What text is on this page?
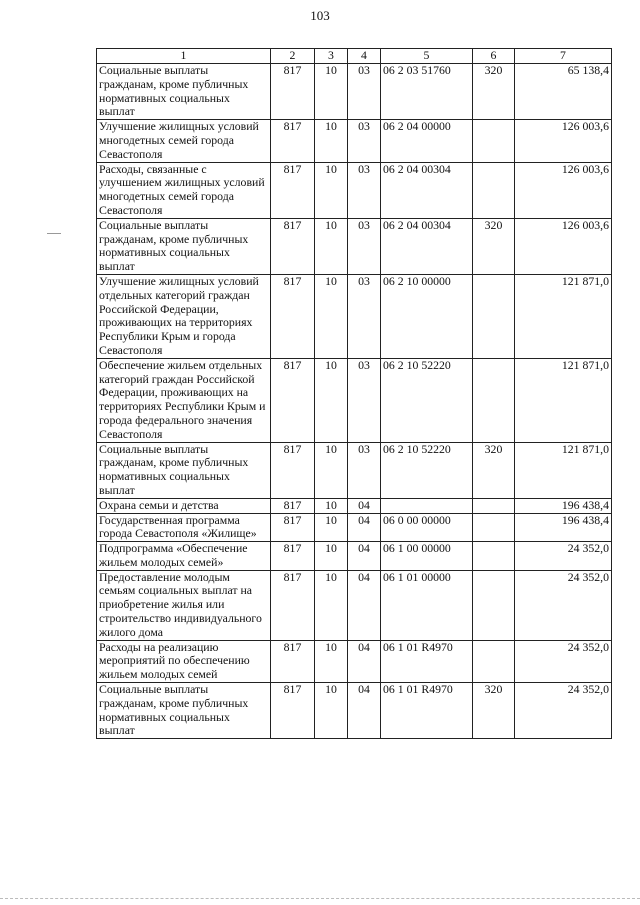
103
1	2	3	4	5	6	7
Социальные выплаты гражданам, кроме публичных нормативных социальных выплат	817	10	03	06 2 03 51760	320	65 138,4
Улучшение жилищных условий многодетных семей города Севастополя	817	10	03	06 2 04 00000		126 003,6
Расходы, связанные с улучшением жилищных условий многодетных семей города Севастополя	817	10	03	06 2 04 00304		126 003,6
Социальные выплаты гражданам, кроме публичных нормативных социальных выплат	817	10	03	06 2 04 00304	320	126 003,6
Улучшение жилищных условий отдельных категорий граждан Российской Федерации, проживающих на территориях Республики Крым и города Севастополя	817	10	03	06 2 10 00000		121 871,0
Обеспечение жильем отдельных категорий граждан Российской Федерации, проживающих на территориях Республики Крым и города федерального значения Севастополя	817	10	03	06 2 10 52220		121 871,0
Социальные выплаты гражданам, кроме публичных нормативных социальных выплат	817	10	03	06 2 10 52220	320	121 871,0
Охрана семьи и детства	817	10	04			196 438,4
Государственная программа города Севастополя «Жилище»	817	10	04	06 0 00 00000		196 438,4
Подпрограмма «Обеспечение жильем молодых семей»	817	10	04	06 1 00 00000		24 352,0
Предоставление молодым семьям социальных выплат на приобретение жилья или строительство индивидуального жилого дома	817	10	04	06 1 01 00000		24 352,0
Расходы на реализацию мероприятий по обеспечению жильем молодых семей	817	10	04	06 1 01 R4970		24 352,0
Социальные выплаты гражданам, кроме публичных нормативных социальных выплат	817	10	04	06 1 01 R4970	320	24 352,0
